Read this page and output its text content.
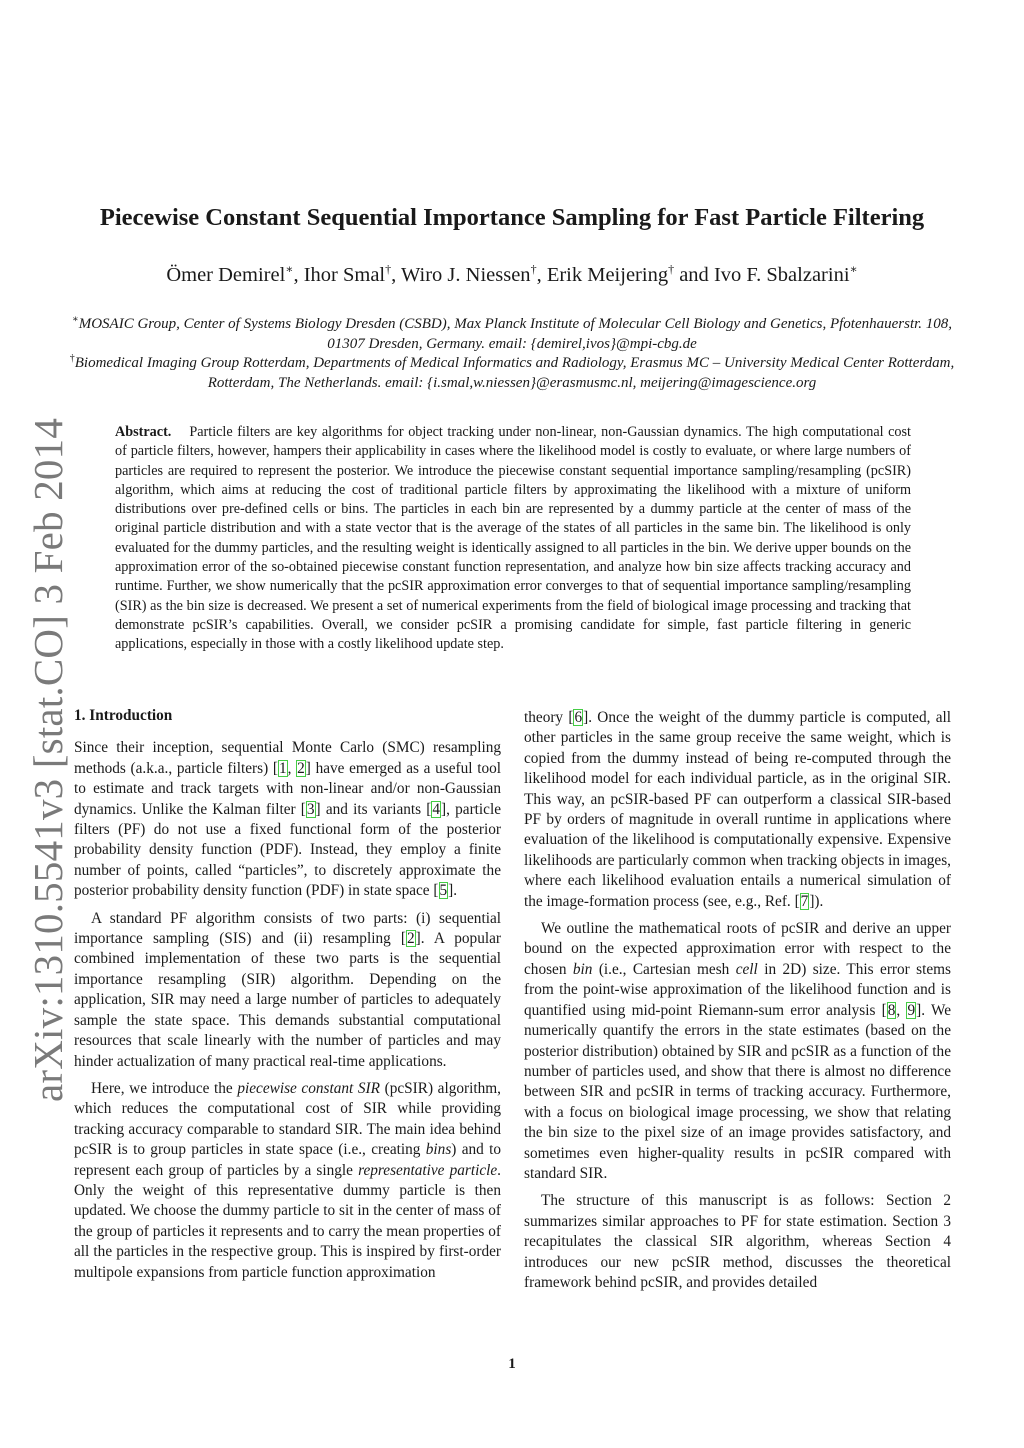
arXiv:1310.5541v3 [stat.CO] 3 Feb 2014
Piecewise Constant Sequential Importance Sampling for Fast Particle Filtering

Ömer Demirel∗, Ihor Smal†, Wiro J. Niessen†, Erik Meijering† and Ivo F. Sbalzarini∗

∗MOSAIC Group, Center of Systems Biology Dresden (CSBD), Max Planck Institute of Molecular Cell Biology and Genetics, Pfotenhauerstr. 108, 01307 Dresden, Germany. email: {demirel,ivos}@mpi-cbg.de

†Biomedical Imaging Group Rotterdam, Departments of Medical Informatics and Radiology, Erasmus MC – University Medical Center Rotterdam, Rotterdam, The Netherlands. email: {i.smal,w.niessen}@erasmusmc.nl, meijering@imagescience.org

Abstract. Particle filters are key algorithms for object tracking under non-linear, non-Gaussian dynamics. The high computational cost of particle filters, however, hampers their applicability in cases where the likelihood model is costly to evaluate, or where large numbers of particles are required to represent the posterior. We introduce the piecewise constant sequential importance sampling/resampling (pcSIR) algorithm, which aims at reducing the cost of traditional particle filters by approximating the likelihood with a mixture of uniform distributions over pre-defined cells or bins. The particles in each bin are represented by a dummy particle at the center of mass of the original particle distribution and with a state vector that is the average of the states of all particles in the same bin. The likelihood is only evaluated for the dummy particles, and the resulting weight is identically assigned to all particles in the bin. We derive upper bounds on the approximation error of the so-obtained piecewise constant function representation, and analyze how bin size affects tracking accuracy and runtime. Further, we show numerically that the pcSIR approximation error converges to that of sequential importance sampling/resampling (SIR) as the bin size is decreased. We present a set of numerical experiments from the field of biological image processing and tracking that demonstrate pcSIR’s capabilities. Overall, we consider pcSIR a promising candidate for simple, fast particle filtering in generic applications, especially in those with a costly likelihood update step.

1. Introduction

Since their inception, sequential Monte Carlo (SMC) resampling methods (a.k.a., particle filters) [1, 2] have emerged as a useful tool to estimate and track targets with non-linear and/or non-Gaussian dynamics. Unlike the Kalman filter [3] and its variants [4], particle filters (PF) do not use a fixed functional form of the posterior probability density function (PDF). Instead, they employ a finite number of points, called “particles”, to discretely approximate the posterior probability density function (PDF) in state space [5].

A standard PF algorithm consists of two parts: (i) sequential importance sampling (SIS) and (ii) resampling [2]. A popular combined implementation of these two parts is the sequential importance resampling (SIR) algorithm. Depending on the application, SIR may need a large number of particles to adequately sample the state space. This demands substantial computational resources that scale linearly with the number of particles and may hinder actualization of many practical real-time applications.

Here, we introduce the piecewise constant SIR (pcSIR) algorithm, which reduces the computational cost of SIR while providing tracking accuracy comparable to standard SIR. The main idea behind pcSIR is to group particles in state space (i.e., creating bins) and to represent each group of particles by a single representative particle. Only the weight of this representative dummy particle is then updated. We choose the dummy particle to sit in the center of mass of the group of particles it represents and to carry the mean properties of all the particles in the respective group. This is inspired by first-order multipole expansions from particle function approximation

theory [6]. Once the weight of the dummy particle is computed, all other particles in the same group receive the same weight, which is copied from the dummy instead of being re-computed through the likelihood model for each individual particle, as in the original SIR. This way, an pcSIR-based PF can outperform a classical SIR-based PF by orders of magnitude in overall runtime in applications where evaluation of the likelihood is computationally expensive. Expensive likelihoods are particularly common when tracking objects in images, where each likelihood evaluation entails a numerical simulation of the image-formation process (see, e.g., Ref. [7]).

We outline the mathematical roots of pcSIR and derive an upper bound on the expected approximation error with respect to the chosen bin (i.e., Cartesian mesh cell in 2D) size. This error stems from the point-wise approximation of the likelihood function and is quantified using mid-point Riemann-sum error analysis [8, 9]. We numerically quantify the errors in the state estimates (based on the posterior distribution) obtained by SIR and pcSIR as a function of the number of particles used, and show that there is almost no difference between SIR and pcSIR in terms of tracking accuracy. Furthermore, with a focus on biological image processing, we show that relating the bin size to the pixel size of an image provides satisfactory, and sometimes even higher-quality results in pcSIR compared with standard SIR.

The structure of this manuscript is as follows: Section 2 summarizes similar approaches to PF for state estimation. Section 3 recapitulates the classical SIR algorithm, whereas Section 4 introduces our new pcSIR method, discusses the theoretical framework behind pcSIR, and provides detailed

1
